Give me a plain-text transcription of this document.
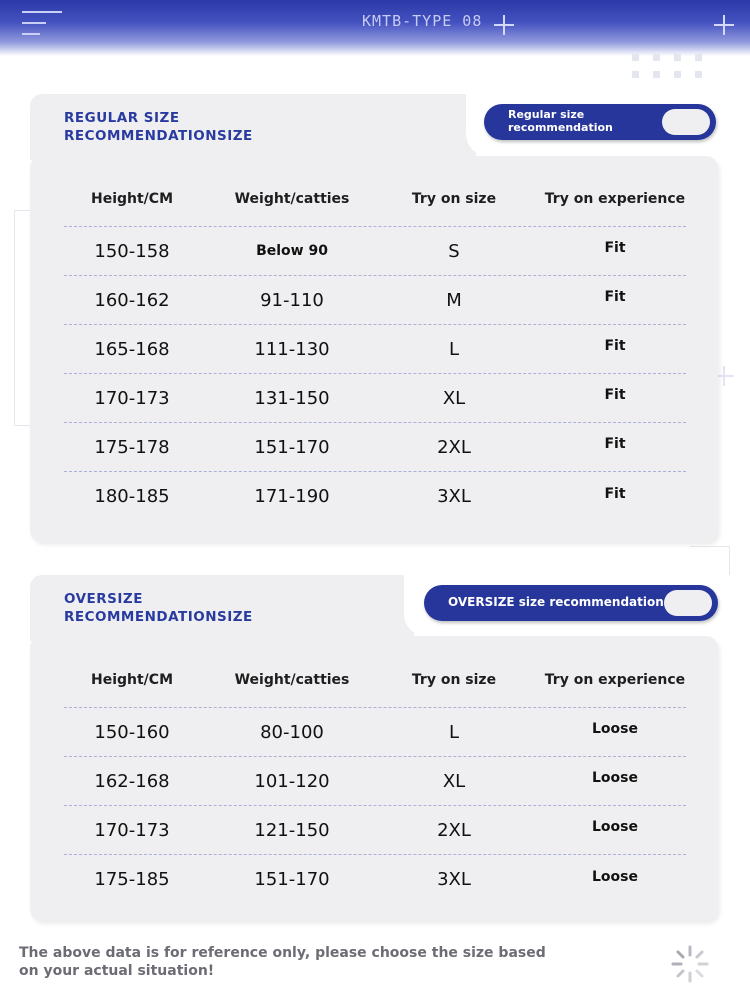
KMTB-TYPE 08
REGULAR SIZE
RECOMMENDATIONSIZE
Regular size
recommendation
Height/CM	Weight/catties	Try on size	Try on experience
150-158	Below 90	S	Fit
160-162	91-110	M	Fit
165-168	111-130	L	Fit
170-173	131-150	XL	Fit
175-178	151-170	2XL	Fit
180-185	171-190	3XL	Fit
OVERSIZE
RECOMMENDATIONSIZE
OVERSIZE size recommendation
Height/CM	Weight/catties	Try on size	Try on experience
150-160	80-100	L	Loose
162-168	101-120	XL	Loose
170-173	121-150	2XL	Loose
175-185	151-170	3XL	Loose
The above data is for reference only, please choose the size based on your actual situation!
